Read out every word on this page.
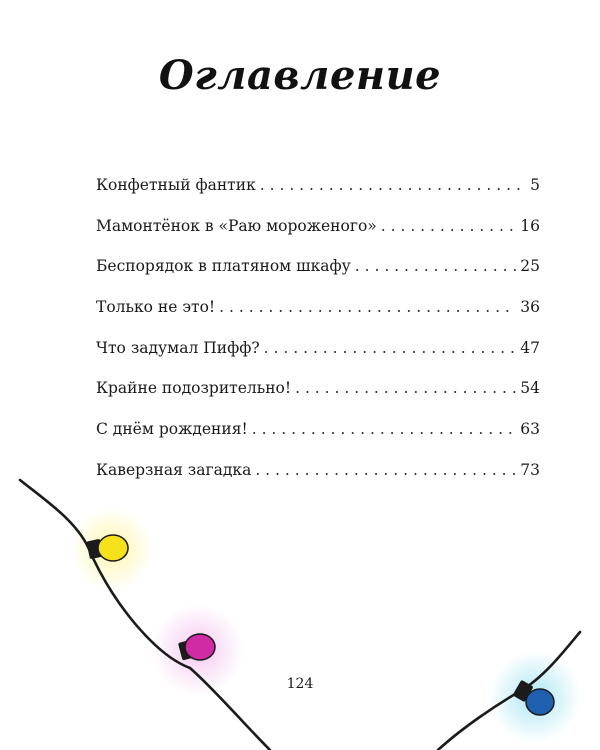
Оглавление
Конфетный фантик . . .	5
Мамонтёнок в «Раю мороженого» . . .	16
Беспорядок в платяном шкафу . . .	25
Только не это! . . .	36
Что задумал Пифф? . . .	47
Крайне подозрительно! . . .	54
С днём рождения! . . .	63
Каверзная загадка . . .	73
124
